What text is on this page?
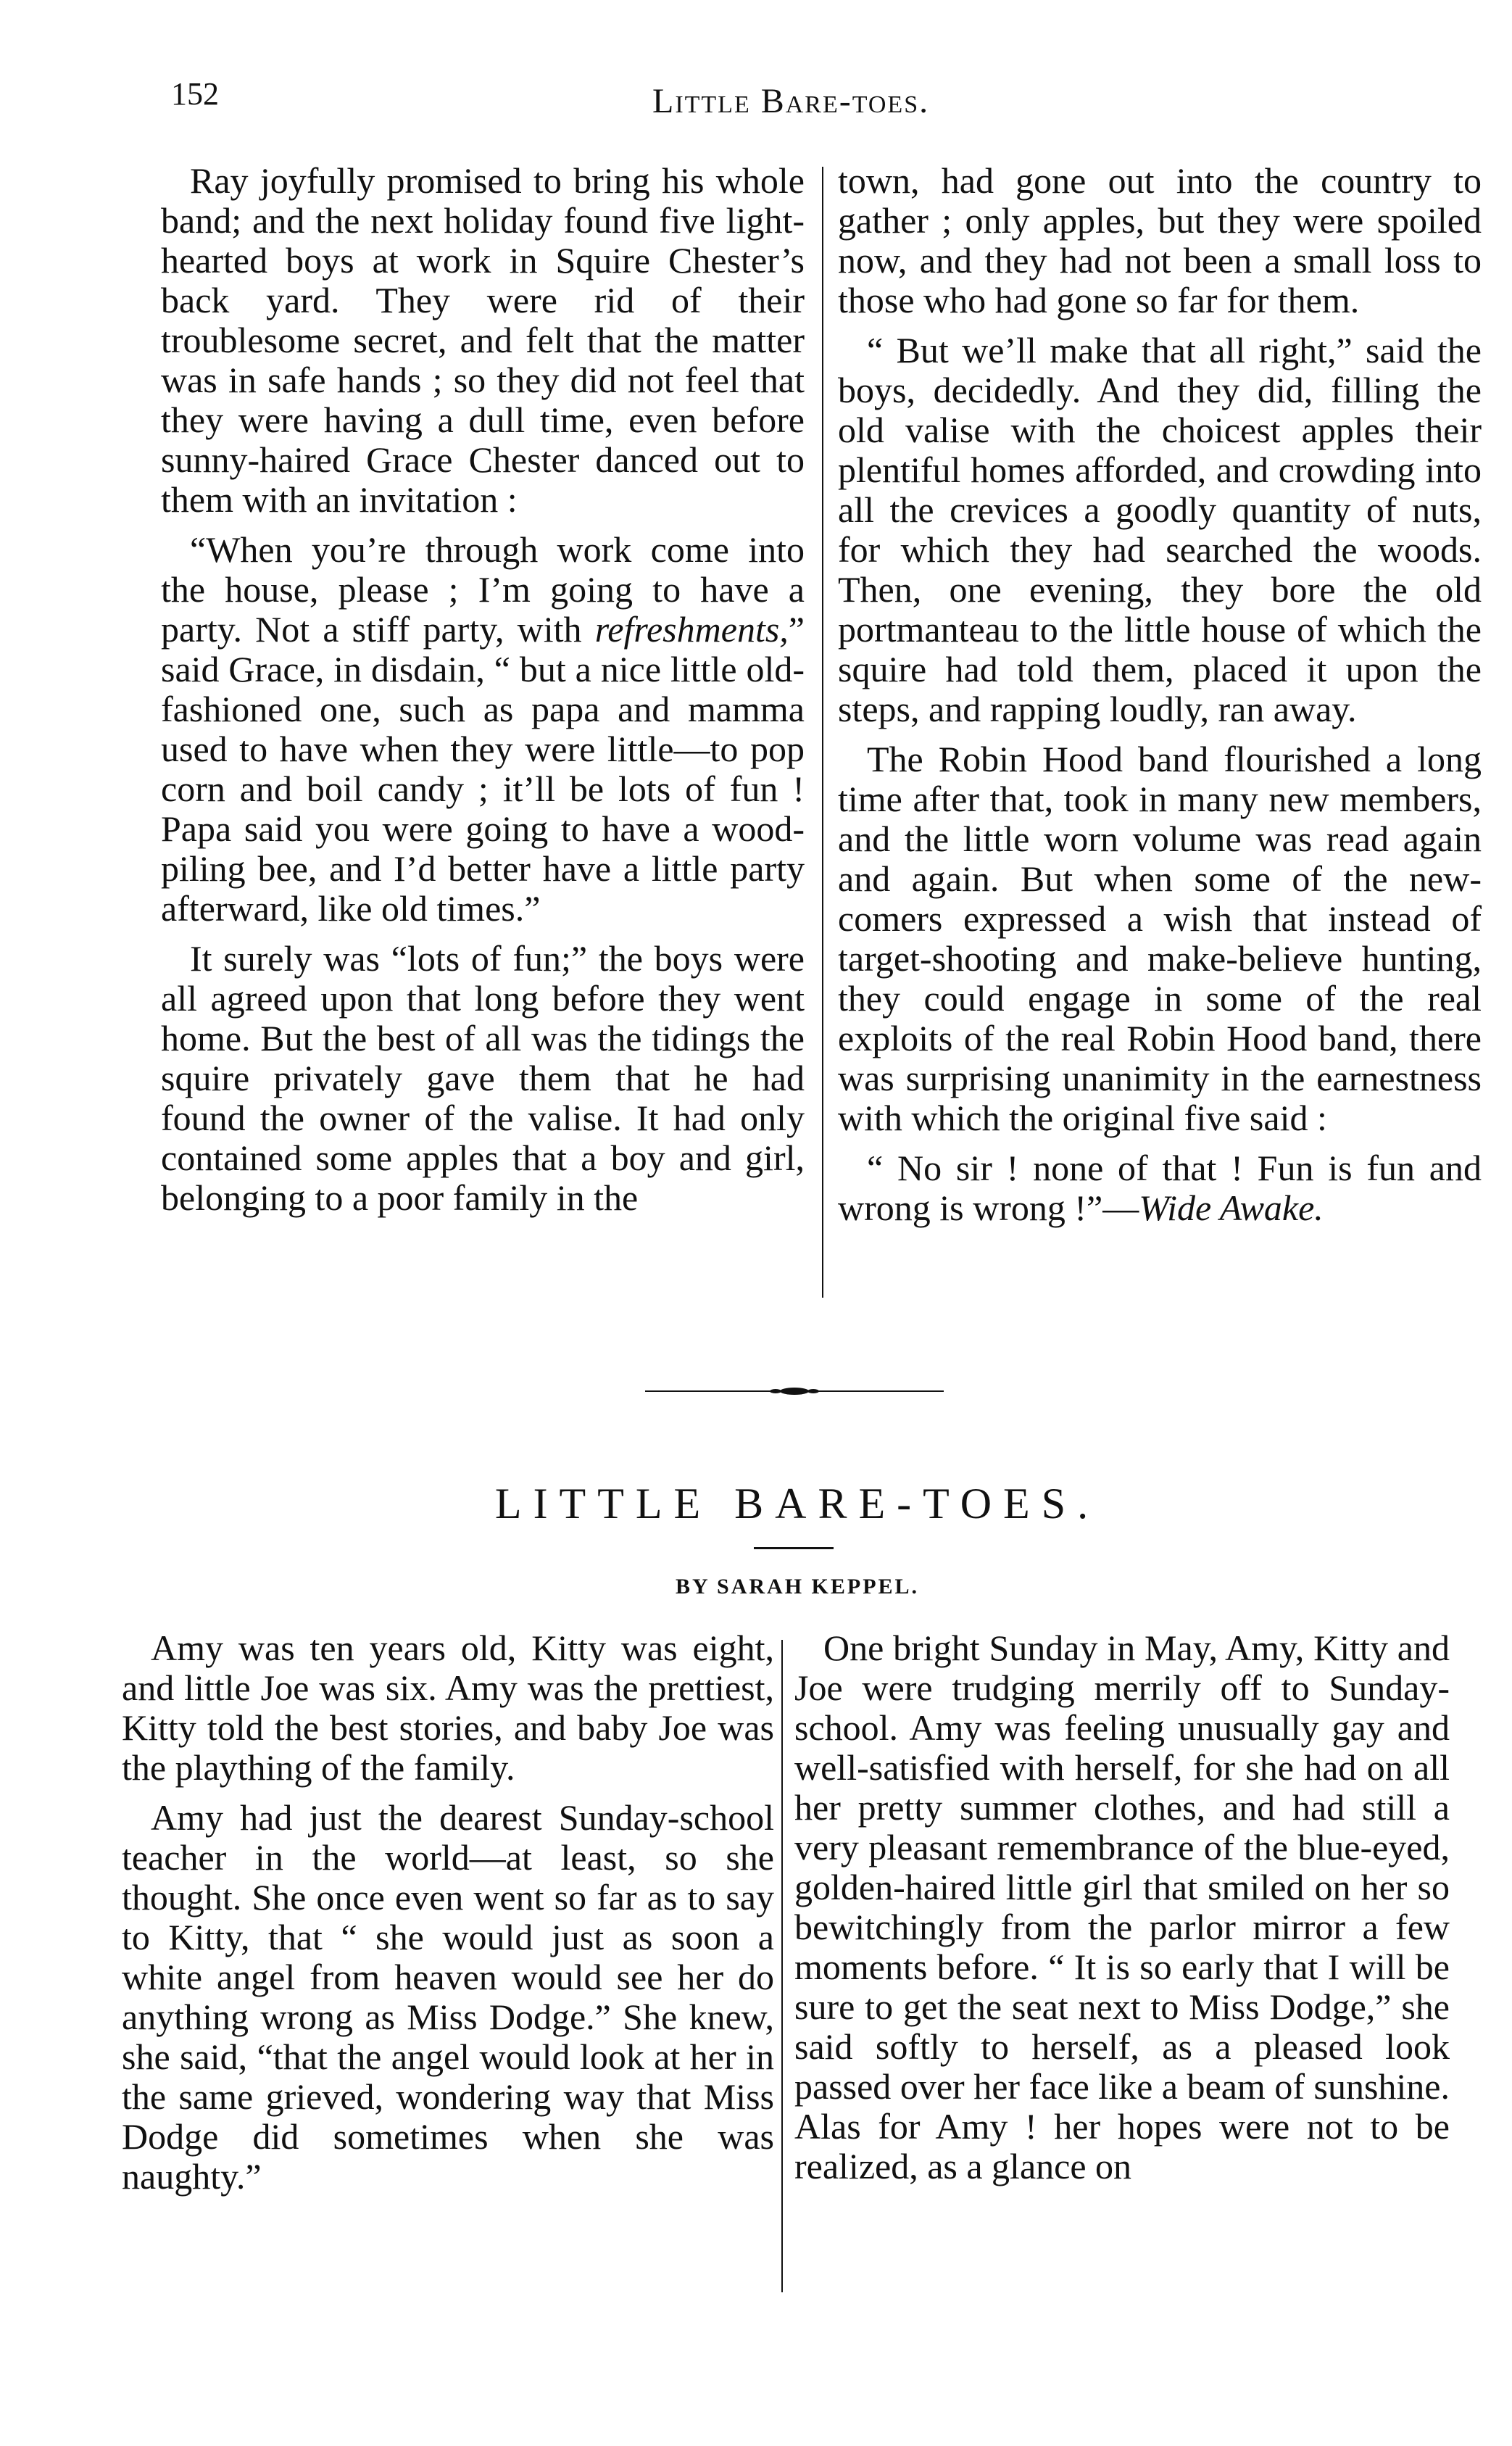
152	Little Bare-toes.

Ray joyfully promised to bring his whole band; and the next holiday found five light-hearted boys at work in Squire Chester’s back yard. They were rid of their troublesome secret, and felt that the matter was in safe hands ; so they did not feel that they were having a dull time, even before sunny-haired Grace Chester danced out to them with an invitation :

“When you’re through work come into the house, please ; I’m going to have a party. Not a stiff party, with refreshments,” said Grace, in disdain, “ but a nice little old-fashioned one, such as papa and mamma used to have when they were little—to pop corn and boil candy ; it’ll be lots of fun ! Papa said you were going to have a wood-piling bee, and I’d better have a little party afterward, like old times.”

It surely was “lots of fun;” the boys were all agreed upon that long before they went home. But the best of all was the tidings the squire privately gave them that he had found the owner of the valise. It had only contained some apples that a boy and girl, belonging to a poor family in the

town, had gone out into the country to gather ; only apples, but they were spoiled now, and they had not been a small loss to those who had gone so far for them.

“ But we’ll make that all right,” said the boys, decidedly. And they did, filling the old valise with the choicest apples their plentiful homes afforded, and crowding into all the crevices a goodly quantity of nuts, for which they had searched the woods. Then, one evening, they bore the old portmanteau to the little house of which the squire had told them, placed it upon the steps, and rapping loudly, ran away.

The Robin Hood band flourished a long time after that, took in many new members, and the little worn volume was read again and again. But when some of the new-comers expressed a wish that instead of target-shooting and make-believe hunting, they could engage in some of the real exploits of the real Robin Hood band, there was surprising unanimity in the earnestness with which the original five said :

“ No sir ! none of that ! Fun is fun and wrong is wrong !”—Wide Awake.

LITTLE BARE-TOES.
BY SARAH KEPPEL.

Amy was ten years old, Kitty was eight, and little Joe was six. Amy was the prettiest, Kitty told the best stories, and baby Joe was the plaything of the family.

Amy had just the dearest Sunday-school teacher in the world—at least, so she thought. She once even went so far as to say to Kitty, that “ she would just as soon a white angel from heaven would see her do anything wrong as Miss Dodge.” She knew, she said, “that the angel would look at her in the same grieved, wondering way that Miss Dodge did sometimes when she was naughty.”

One bright Sunday in May, Amy, Kitty and Joe were trudging merrily off to Sunday-school. Amy was feeling unusually gay and well-satisfied with herself, for she had on all her pretty summer clothes, and had still a very pleasant remembrance of the blue-eyed, golden-haired little girl that smiled on her so bewitchingly from the parlor mirror a few moments before. “ It is so early that I will be sure to get the seat next to Miss Dodge,” she said softly to herself, as a pleased look passed over her face like a beam of sunshine. Alas for Amy ! her hopes were not to be realized, as a glance on
